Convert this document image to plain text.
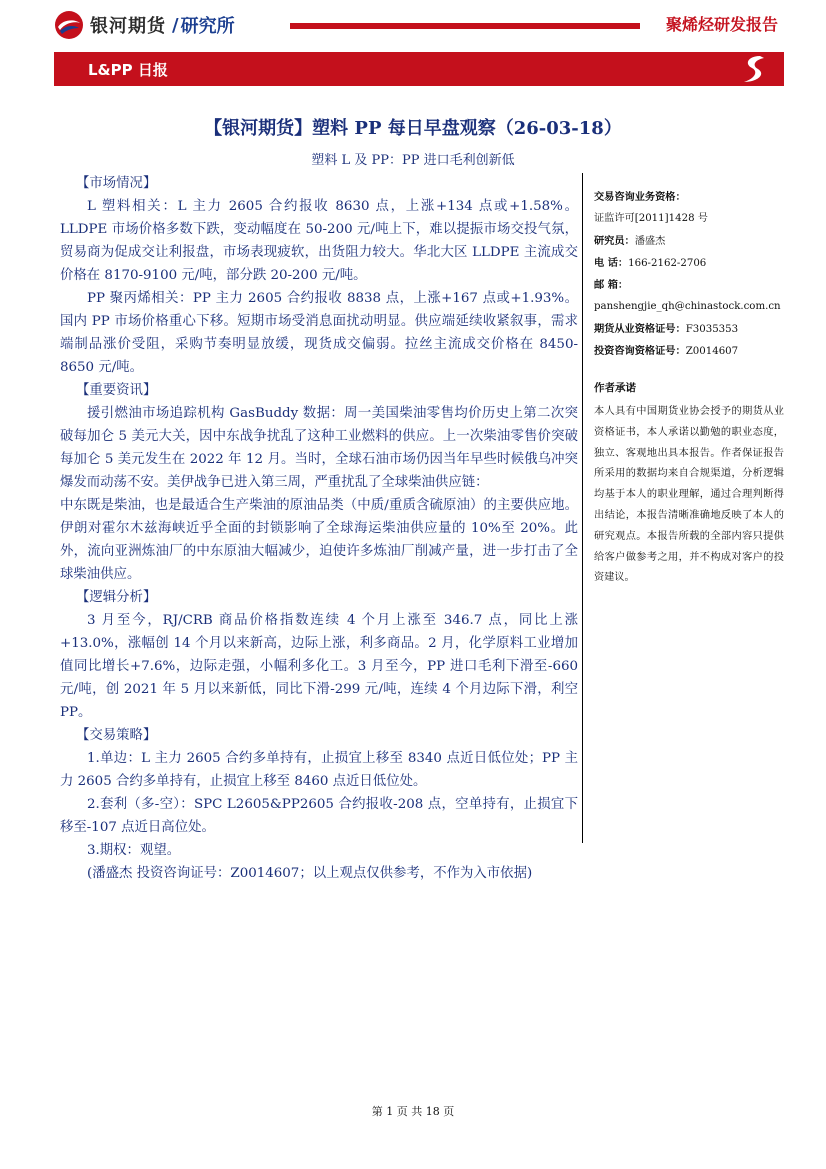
银河期货 / 研究所	聚烯烃研发报告
L&PP 日报
【银河期货】塑料 PP 每日早盘观察（26-03-18）
塑料 L 及 PP：PP 进口毛利创新低

【市场情况】

L 塑料相关：L 主力 2605 合约报收 8630 点，上涨+134 点或+1.58%。LLDPE 市场价格多数下跌，变动幅度在 50-200 元/吨上下，难以提振市场交投气氛，贸易商为促成交让利报盘，市场表现疲软，出货阻力较大。华北大区 LLDPE 主流成交价格在 8170-9100 元/吨，部分跌 20-200 元/吨。

PP 聚丙烯相关：PP 主力 2605 合约报收 8838 点，上涨+167 点或+1.93%。国内 PP 市场价格重心下移。短期市场受消息面扰动明显。供应端延续收紧叙事，需求端制品涨价受阻，采购节奏明显放缓，现货成交偏弱。拉丝主流成交价格在 8450-8650 元/吨。

【重要资讯】

援引燃油市场追踪机构 GasBuddy 数据：周一美国柴油零售均价历史上第二次突破每加仑 5 美元大关，因中东战争扰乱了这种工业燃料的供应。上一次柴油零售价突破每加仑 5 美元发生在 2022 年 12 月。当时，全球石油市场仍因当年早些时候俄乌冲突爆发而动荡不安。美伊战争已进入第三周，严重扰乱了全球柴油供应链：

中东既是柴油，也是最适合生产柴油的原油品类（中质/重质含硫原油）的主要供应地。伊朗对霍尔木兹海峡近乎全面的封锁影响了全球海运柴油供应量的 10%至 20%。此外，流向亚洲炼油厂的中东原油大幅减少，迫使许多炼油厂削减产量，进一步打击了全球柴油供应。

【逻辑分析】

3 月至今，RJ/CRB 商品价格指数连续 4 个月上涨至 346.7 点，同比上涨+13.0%，涨幅创 14 个月以来新高，边际上涨，利多商品。2 月，化学原料工业增加值同比增长+7.6%，边际走强，小幅利多化工。3 月至今，PP 进口毛利下滑至-660 元/吨，创 2021 年 5 月以来新低，同比下滑-299 元/吨，连续 4 个月边际下滑，利空 PP。

【交易策略】

1.单边：L 主力 2605 合约多单持有，止损宜上移至 8340 点近日低位处；PP 主力 2605 合约多单持有，止损宜上移至 8460 点近日低位处。

2.套利（多-空）：SPC L2605&PP2605 合约报收-208 点，空单持有，止损宜下移至-107 点近日高位处。

3.期权：观望。

(潘盛杰 投资咨询证号：Z0014607；以上观点仅供参考，不作为入市依据)

交易咨询业务资格：
证监许可[2011]1428 号
研究员：潘盛杰
电 话：166-2162-2706
邮 箱：
panshengjie_qh@chinastock.com.cn
期货从业资格证号：F3035353
投资咨询资格证号：Z0014607
作者承诺
本人具有中国期货业协会授予的期货从业资格证书，本人承诺以勤勉的职业态度，独立、客观地出具本报告。作者保证报告所采用的数据均来自合规渠道，分析逻辑均基于本人的职业理解，通过合理判断得出结论，本报告清晰准确地反映了本人的研究观点。本报告所载的全部内容只提供给客户做参考之用，并不构成对客户的投资建议。
第 1 页 共 18 页
